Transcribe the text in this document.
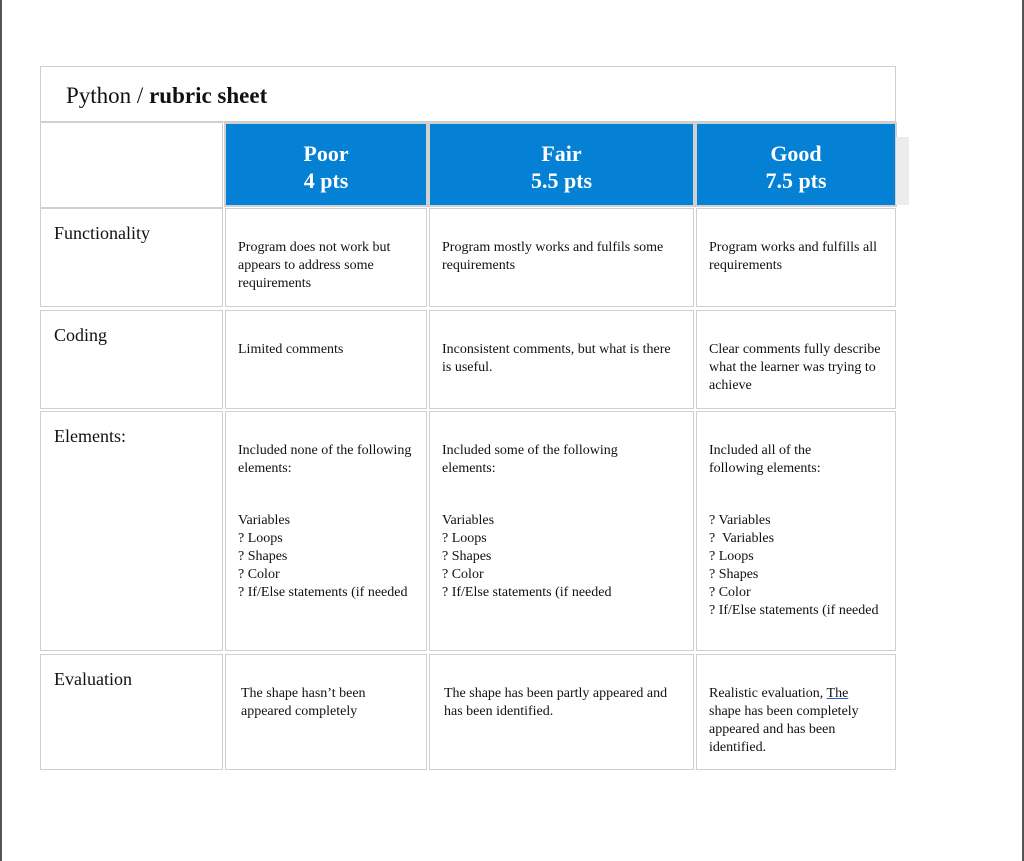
Python / rubric sheet
Poor
4 pts
Fair
5.5 pts
Good
7.5 pts
Functionality
Program does not work but appears to address some requirements
Program mostly works and fulfils some requirements
Program works and fulfills all requirements
Coding
Limited comments	Inconsistent comments, but what is there is useful.
Clear comments fully describe what the learner was trying to achieve
Elements:
Included none of the following elements:
Variables
? Loops
? Shapes
? Color
? If/Else statements (if needed
Included some of the following elements:
Variables
? Loops
? Shapes
? Color
? If/Else statements (if needed
Included all of the following elements:
? Variables
?  Variables
? Loops
? Shapes
? Color
? If/Else statements (if needed
Evaluation
The shape hasn’t been appeared completely
The shape has been partly appeared and has been identified.
Realistic evaluation, The shape has been completely appeared and has been identified.
